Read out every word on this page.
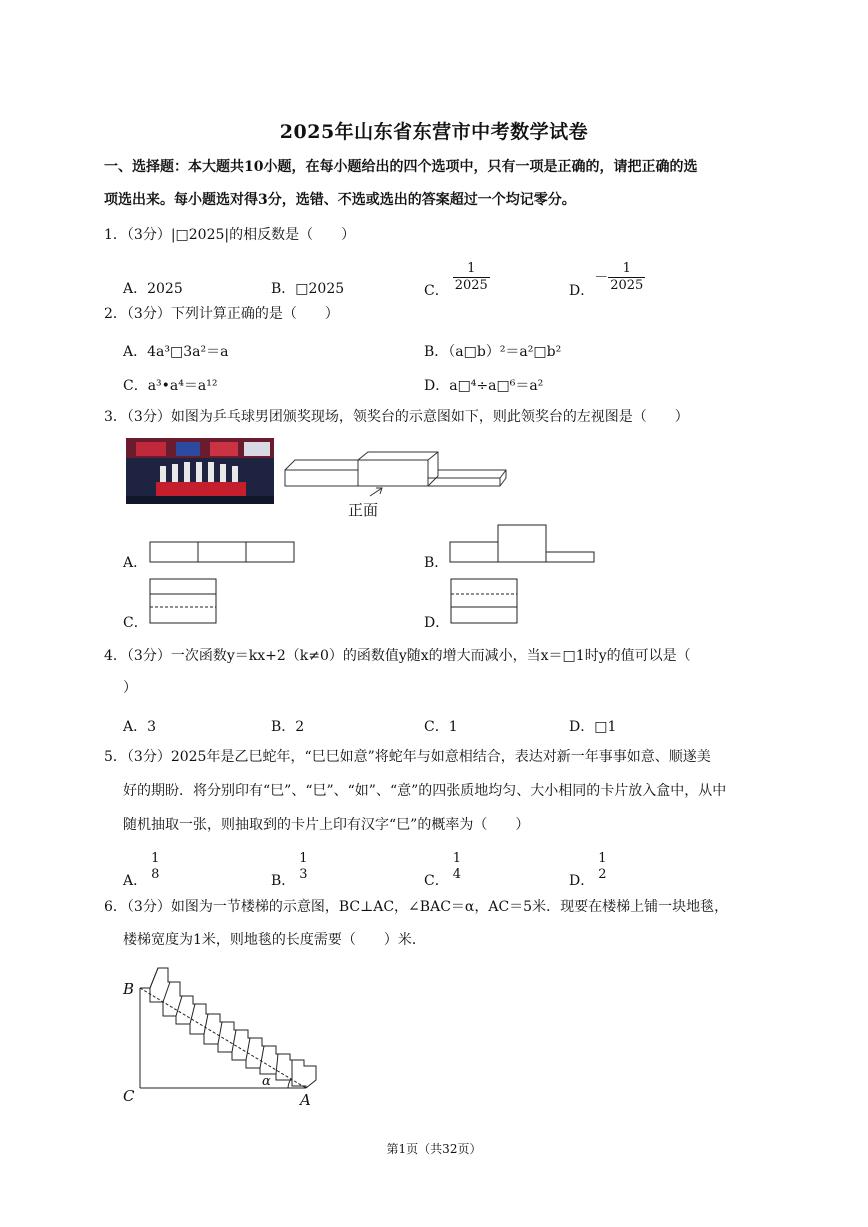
2025年山东省东营市中考数学试卷
一、选择题：本大题共10小题，在每小题给出的四个选项中，只有一项是正确的，请把正确的选
项选出来。每小题选对得3分，选错、不选或选出的答案超过一个均记零分。
1．（3分）|□2025|的相反数是（　　）
A．2025	B．□2025	C． $\frac{1}{2025}$	D．－ $\frac{1}{2025}$
2．（3分）下列计算正确的是（　　）
A．4a³□3a²＝a	B．（a□b）²＝a²□b²
C．a³•a⁴＝a¹²	D．a□⁴÷a□⁶＝a²
3．（3分）如图为乒乓球男团颁奖现场，领奖台的示意图如下，则此领奖台的左视图是（　　）
正面
A．	B．
C．	D．
4．（3分）一次函数y＝kx+2（k≠0）的函数值y随x的增大而减小，当x＝□1时y的值可以是（
）
A．3	B．2	C．1	D．□1
5．（3分）2025年是乙巳蛇年，“巳巳如意”将蛇年与如意相结合，表达对新一年事事如意、顺遂美
好的期盼．将分别印有“巳”、“巳”、“如”、“意”的四张质地均匀、大小相同的卡片放入盒中，从中
随机抽取一张，则抽取到的卡片上印有汉字“巳”的概率为（　　）
A．
1
8	B．
1
3	C．
1
4	D．
1
2
6．（3分）如图为一节楼梯的示意图，BC⊥AC，∠BAC＝α，AC＝5米．现要在楼梯上铺一块地毯，
楼梯宽度为1米，则地毯的长度需要（　　）米．
B
C	A
α
第1页（共32页）
